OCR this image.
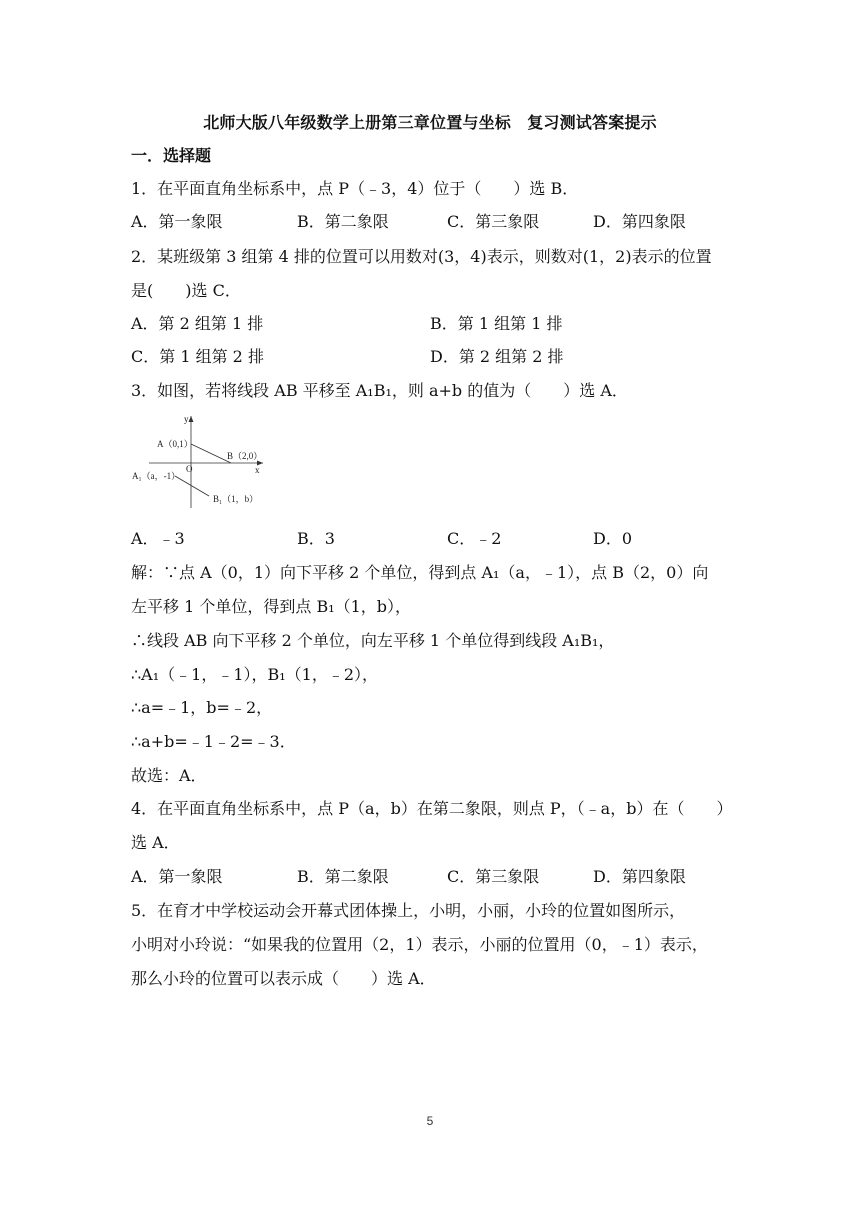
北师大版八年级数学上册第三章位置与坐标　复习测试答案提示
一．选择题
1．在平面直角坐标系中，点 P（﹣3，4）位于（　　）选 B．
A．第一象限	B．第二象限	C．第三象限	D．第四象限
2．某班级第 3 组第 4 排的位置可以用数对(3，4)表示，则数对(1，2)表示的位置
是(　　)选 C．
A．第 2 组第 1 排	B．第 1 组第 1 排
C．第 1 组第 2 排	D．第 2 组第 2 排
3．如图，若将线段 AB 平移至 A₁B₁，则 a+b 的值为（　　）选 A．
y
x
O
A（0,1）
B（2,0）
A₁（a，-1）
B₁（1，b）
A．﹣3	B．3	C．﹣2	D．0
解：∵点 A（0，1）向下平移 2 个单位，得到点 A₁（a，﹣1），点 B（2，0）向
左平移 1 个单位，得到点 B₁（1，b），
∴线段 AB 向下平移 2 个单位，向左平移 1 个单位得到线段 A₁B₁，
∴A₁（﹣1，﹣1），B₁（1，﹣2），
∴a=﹣1，b=﹣2，
∴a+b=﹣1﹣2=﹣3．
故选：A．
4．在平面直角坐标系中，点 P（a，b）在第二象限，则点 P，（﹣a，b）在（　　）
选 A．
A．第一象限	B．第二象限	C．第三象限	D．第四象限
5．在育才中学校运动会开幕式团体操上，小明，小丽，小玲的位置如图所示，
小明对小玲说：“如果我的位置用（2，1）表示，小丽的位置用（0，﹣1）表示，
那么小玲的位置可以表示成（　　）选 A．
5
